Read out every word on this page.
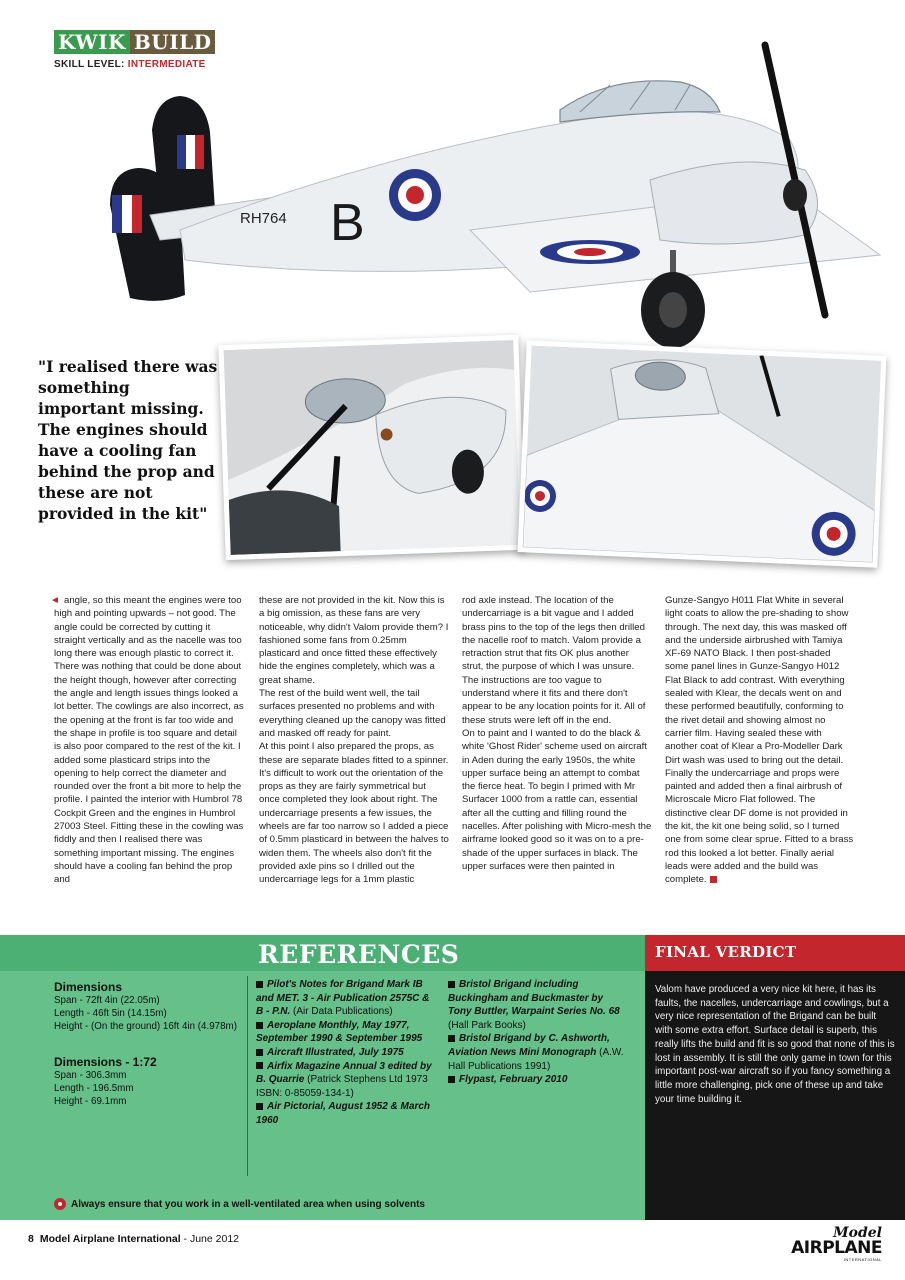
KWIK BUILD
SKILL LEVEL: INTERMEDIATE
RH764 B
"I realised there was something important missing. The engines should have a cooling fan behind the prop and these are not provided in the kit"
◄ angle, so this meant the engines were too high and pointing upwards – not good. The angle could be corrected by cutting it straight vertically and as the nacelle was too long there was enough plastic to correct it. There was nothing that could be done about the height though, however after correcting the angle and length issues things looked a lot better. The cowlings are also incorrect, as the opening at the front is far too wide and the shape in profile is too square and detail is also poor compared to the rest of the kit. I added some plasticard strips into the opening to help correct the diameter and rounded over the front a bit more to help the profile. I painted the interior with Humbrol 78 Cockpit Green and the engines in Humbrol 27003 Steel. Fitting these in the cowling was fiddly and then I realised there was something important missing. The engines should have a cooling fan behind the prop and

these are not provided in the kit. Now this is a big omission, as these fans are very noticeable, why didn't Valom provide them? I fashioned some fans from 0.25mm plasticard and once fitted these effectively hide the engines completely, which was a great shame.

The rest of the build went well, the tail surfaces presented no problems and with everything cleaned up the canopy was fitted and masked off ready for paint.

At this point I also prepared the props, as these are separate blades fitted to a spinner. It's difficult to work out the orientation of the props as they are fairly symmetrical but once completed they look about right. The undercarriage presents a few issues, the wheels are far too narrow so I added a piece of 0.5mm plasticard in between the halves to widen them. The wheels also don't fit the provided axle pins so I drilled out the undercarriage legs for a 1mm plastic

rod axle instead. The location of the undercarriage is a bit vague and I added brass pins to the top of the legs then drilled the nacelle roof to match. Valom provide a retraction strut that fits OK plus another strut, the purpose of which I was unsure. The instructions are too vague to understand where it fits and there don't appear to be any location points for it. All of these struts were left off in the end.

On to paint and I wanted to do the black & white 'Ghost Rider' scheme used on aircraft in Aden during the early 1950s, the white upper surface being an attempt to combat the fierce heat. To begin I primed with Mr Surfacer 1000 from a rattle can, essential after all the cutting and filling round the nacelles. After polishing with Micro-mesh the airframe looked good so it was on to a pre-shade of the upper surfaces in black. The upper surfaces were then painted in

Gunze-Sangyo H011 Flat White in several light coats to allow the pre-shading to show through. The next day, this was masked off and the underside airbrushed with Tamiya XF-69 NATO Black. I then post-shaded some panel lines in Gunze-Sangyo H012 Flat Black to add contrast. With everything sealed with Klear, the decals went on and these performed beautifully, conforming to the rivet detail and showing almost no carrier film. Having sealed these with another coat of Klear a Pro-Modeller Dark Dirt wash was used to bring out the detail. Finally the undercarriage and props were painted and added then a final airbrush of Microscale Micro Flat followed. The distinctive clear DF dome is not provided in the kit, the kit one being solid, so I turned one from some clear sprue. Fitted to a brass rod this looked a lot better. Finally aerial leads were added and the build was complete.

REFERENCES
Dimensions
Span - 72ft 4in (22.05m)
Length - 46ft 5in (14.15m)
Height - (On the ground) 16ft 4in (4.978m)
Dimensions - 1:72
Span - 306.3mm
Length - 196.5mm
Height - 69.1mm
Pilot's Notes for Brigand Mark IB and MET. 3 - Air Publication 2575C & B - P.N. (Air Data Publications)
Aeroplane Monthly, May 1977, September 1990 & September 1995
Aircraft Illustrated, July 1975
Airfix Magazine Annual 3 edited by B. Quarrie (Patrick Stephens Ltd 1973 ISBN: 0-85059-134-1)
Air Pictorial, August 1952 & March 1960
Bristol Brigand including Buckingham and Buckmaster by Tony Buttler, Warpaint Series No. 68 (Hall Park Books)
Bristol Brigand by C. Ashworth, Aviation News Mini Monograph (A.W. Hall Publications 1991)
Flypast, February 2010
Always ensure that you work in a well-ventilated area when using solvents
FINAL VERDICT
Valom have produced a very nice kit here, it has its faults, the nacelles, undercarriage and cowlings, but a very nice representation of the Brigand can be built with some extra effort. Surface detail is superb, this really lifts the build and fit is so good that none of this is lost in assembly. It is still the only game in town for this important post-war aircraft so if you fancy something a little more challenging, pick one of these up and take your time building it.
8 Model Airplane International - June 2012	Model
AIRPLANE
INTERNATIONAL
